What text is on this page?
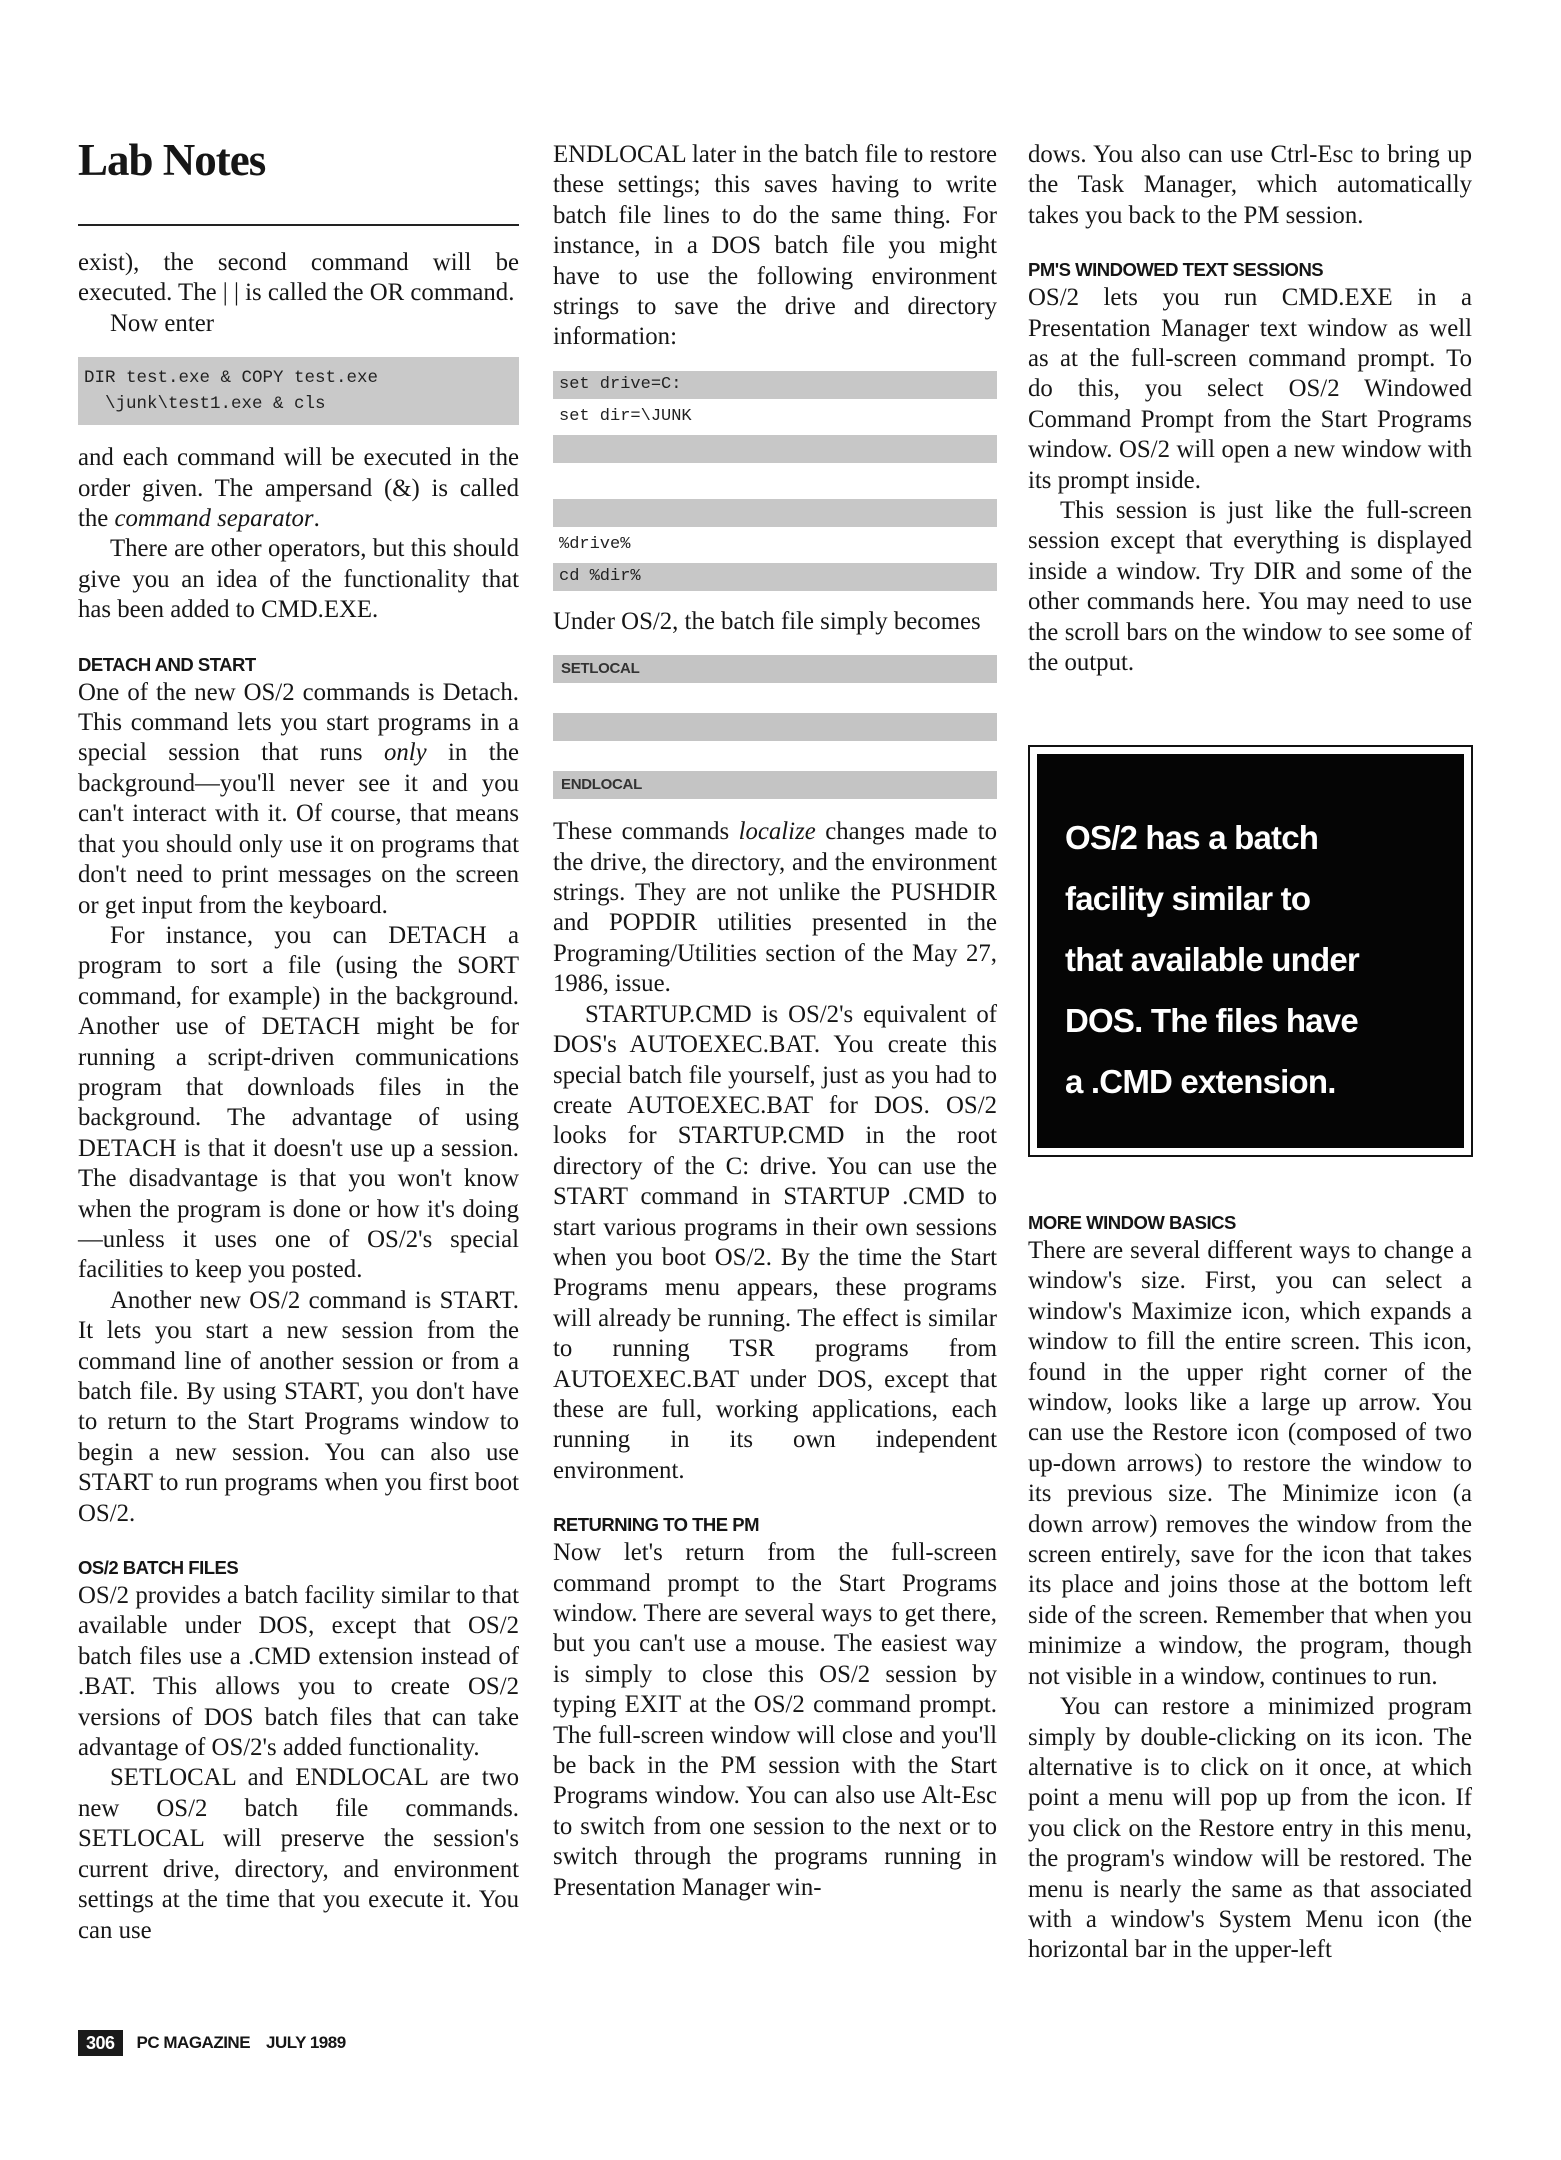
Lab Notes

exist), the second command will be executed. The | | is called the OR command.

Now enter

DIR test.exe & COPY test.exe
\junk\test1.exe & cls

and each command will be executed in the order given. The ampersand (&) is called the command separator.

There are other operators, but this should give you an idea of the functionality that has been added to CMD.EXE.

DETACH AND START

One of the new OS/2 commands is Detach. This command lets you start programs in a special session that runs only in the background—you'll never see it and you can't interact with it. Of course, that means that you should only use it on programs that don't need to print messages on the screen or get input from the keyboard.

For instance, you can DETACH a program to sort a file (using the SORT command, for example) in the background. Another use of DETACH might be for running a script-driven communications program that downloads files in the background. The advantage of using DETACH is that it doesn't use up a session. The disadvantage is that you won't know when the program is done or how it's doing—unless it uses one of OS/2's special facilities to keep you posted.

Another new OS/2 command is START. It lets you start a new session from the command line of another session or from a batch file. By using START, you don't have to return to the Start Programs window to begin a new session. You can also use START to run programs when you first boot OS/2.

OS/2 BATCH FILES

OS/2 provides a batch facility similar to that available under DOS, except that OS/2 batch files use a .CMD extension instead of .BAT. This allows you to create OS/2 versions of DOS batch files that can take advantage of OS/2's added functionality.

SETLOCAL and ENDLOCAL are two new OS/2 batch file commands. SETLOCAL will preserve the session's current drive, directory, and environment settings at the time that you execute it. You can use

ENDLOCAL later in the batch file to restore these settings; this saves having to write batch file lines to do the same thing. For instance, in a DOS batch file you might have to use the following environment strings to save the drive and directory information:

set drive=C:
set dir=\JUNK
%drive%
cd %dir%

Under OS/2, the batch file simply becomes

SETLOCAL
ENDLOCAL

These commands localize changes made to the drive, the directory, and the environment strings. They are not unlike the PUSHDIR and POPDIR utilities presented in the Programing/Utilities section of the May 27, 1986, issue.

STARTUP.CMD is OS/2's equivalent of DOS's AUTOEXEC.BAT. You create this special batch file yourself, just as you had to create AUTOEXEC.BAT for DOS. OS/2 looks for STARTUP.CMD in the root directory of the C: drive. You can use the START command in STARTUP .CMD to start various programs in their own sessions when you boot OS/2. By the time the Start Programs menu appears, these programs will already be running. The effect is similar to running TSR programs from AUTOEXEC.BAT under DOS, except that these are full, working applications, each running in its own independent environment.

RETURNING TO THE PM

Now let's return from the full-screen command prompt to the Start Programs window. There are several ways to get there, but you can't use a mouse. The easiest way is simply to close this OS/2 session by typing EXIT at the OS/2 command prompt. The full-screen window will close and you'll be back in the PM session with the Start Programs window. You can also use Alt-Esc to switch from one session to the next or to switch through the programs running in Presentation Manager win-

dows. You also can use Ctrl-Esc to bring up the Task Manager, which automatically takes you back to the PM session.

PM'S WINDOWED TEXT SESSIONS

OS/2 lets you run CMD.EXE in a Presentation Manager text window as well as at the full-screen command prompt. To do this, you select OS/2 Windowed Command Prompt from the Start Programs window. OS/2 will open a new window with its prompt inside.

This session is just like the full-screen session except that everything is displayed inside a window. Try DIR and some of the other commands here. You may need to use the scroll bars on the window to see some of the output.

OS/2 has a batch
facility similar to
that available under
DOS. The files have
a .CMD extension.
MORE WINDOW BASICS

There are several different ways to change a window's size. First, you can select a window's Maximize icon, which expands a window to fill the entire screen. This icon, found in the upper right corner of the window, looks like a large up arrow. You can use the Restore icon (composed of two up-down arrows) to restore the window to its previous size. The Minimize icon (a down arrow) removes the window from the screen entirely, save for the icon that takes its place and joins those at the bottom left side of the screen. Remember that when you minimize a window, the program, though not visible in a window, continues to run.

You can restore a minimized program simply by double-clicking on its icon. The alternative is to click on it once, at which point a menu will pop up from the icon. If you click on the Restore entry in this menu, the program's window will be restored. The menu is nearly the same as that associated with a window's System Menu icon (the horizontal bar in the upper-left

306	PC MAGAZINE JULY 1989
